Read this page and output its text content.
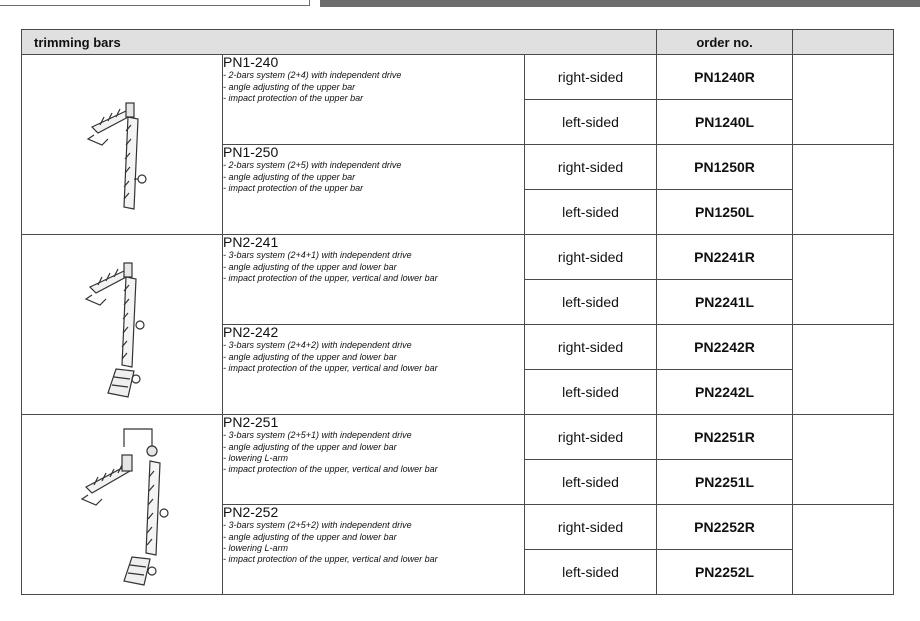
trimming bars			order no.	

PN1-240
- 2-bars system (2+4) with independent drive
- angle adjusting of the upper bar
- impact protection of the upper bar	right-sided	PN1240R	
		left-sided	PN1240L	

	PN1-250
- 2-bars system (2+5) with independent drive
- angle adjusting of the upper bar
- impact protection of the upper bar	right-sided	PN1250R	
		left-sided	PN1250L	

PN2-241
- 3-bars system (2+4+1) with independent drive
- angle adjusting of the upper and lower bar
- impact protection of the upper, vertical and lower bar	right-sided	PN2241R	
		left-sided	PN2241L	

	PN2-242
- 3-bars system (2+4+2) with independent drive
- angle adjusting of the upper and lower bar
- impact protection of the upper, vertical and lower bar	right-sided	PN2242R	
		left-sided	PN2242L	

PN2-251
- 3-bars system (2+5+1) with independent drive
- angle adjusting of the upper and lower bar
- lowering L-arm
- impact protection of the upper, vertical and lower bar	right-sided	PN2251R	
		left-sided	PN2251L	

	PN2-252
- 3-bars system (2+5+2) with independent drive
- angle adjusting of the upper and lower bar
- lowering L-arm
- impact protection of the upper, vertical and lower bar	right-sided	PN2252R	
		left-sided	PN2252L	
